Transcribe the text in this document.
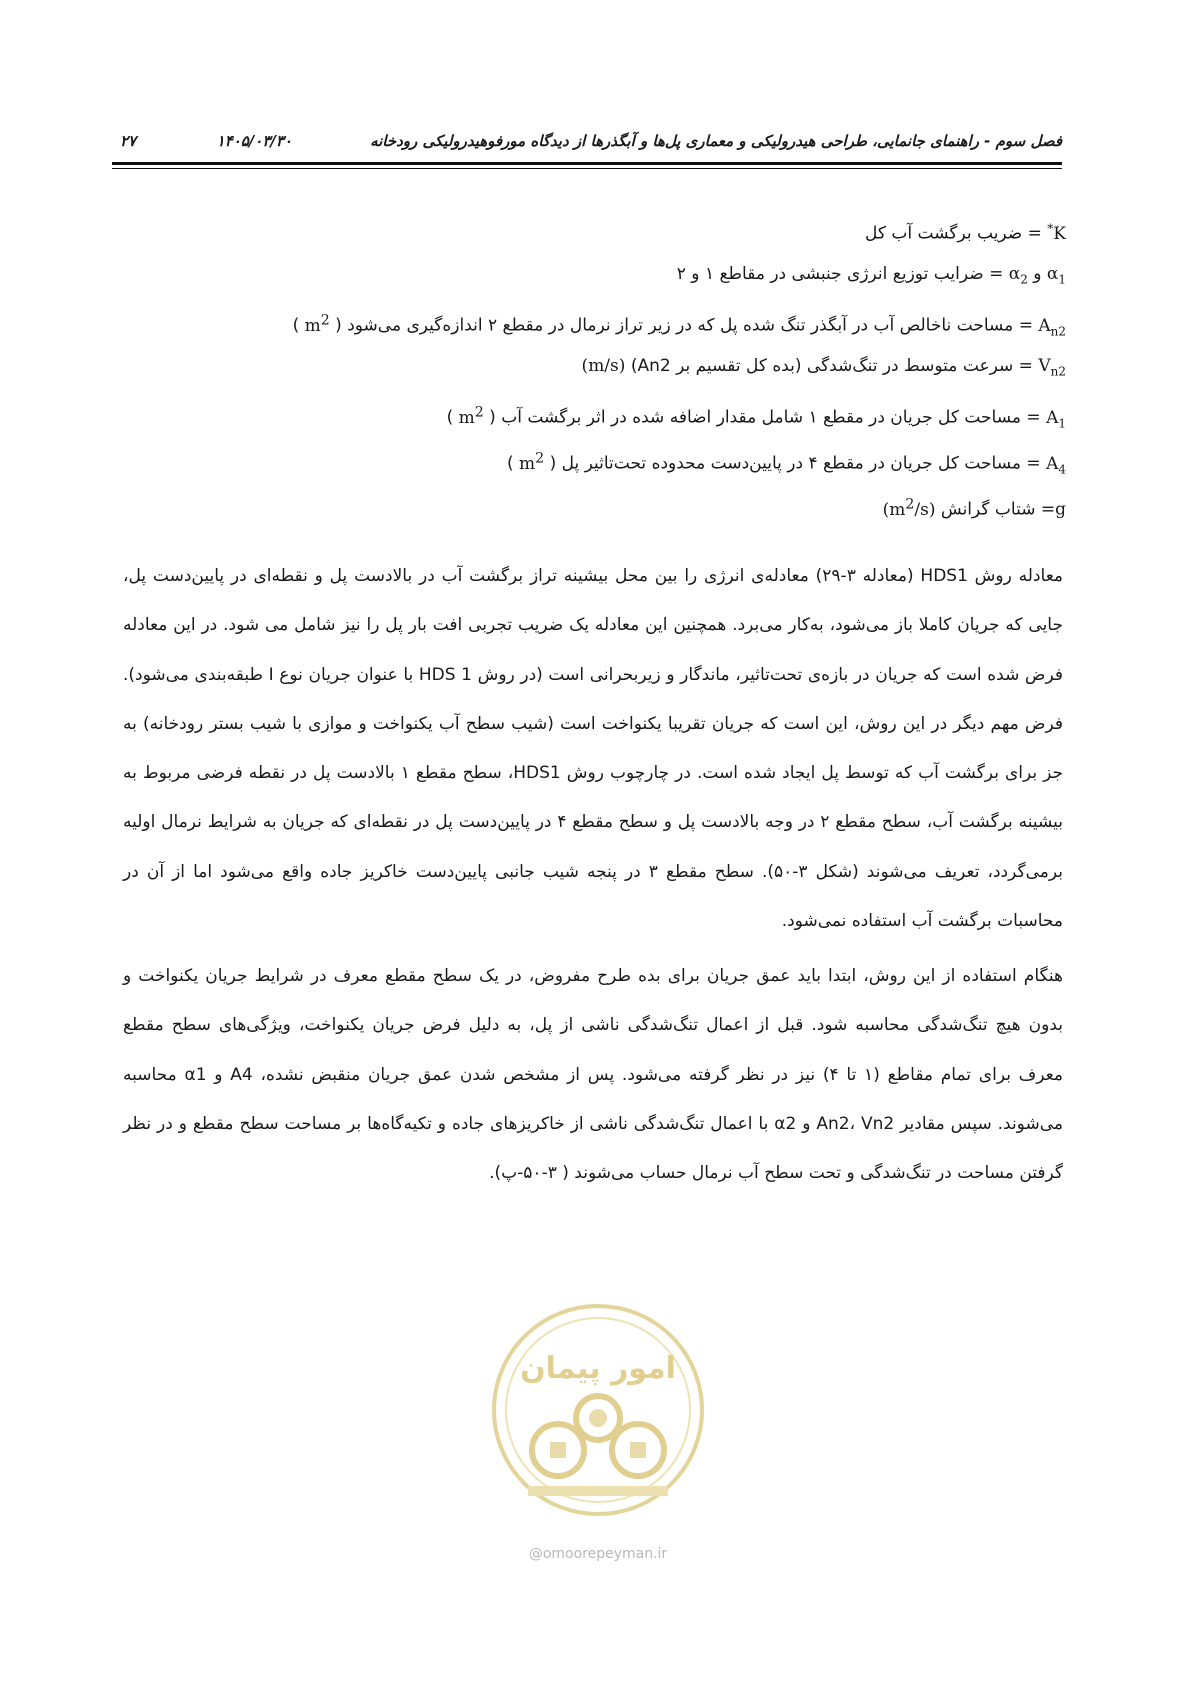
فصل سوم - راهنمای جانمایی، طراحی هیدرولیکی و معماری پل‌ها و آبگذرها از دیدگاه مورفوهیدرولیکی رودخانه
۱۴۰۵/۰۳/۳۰
۲۷
K* = ضریب برگشت آب کل
$\alpha_1$ و $\alpha_2$ = ضرایب توزیع انرژی جنبشی در مقاطع ۱ و ۲
$A_{n2}$ = مساحت ناخالص آب در آبگذر تنگ شده پل که در زیر تراز نرمال در مقطع ۲ اندازه‌گیری می‌شود ( $m^2$ )
$V_{n2}$ = سرعت متوسط در تنگ‌شدگی (بده کل تقسیم بر An2) (m/s)
$A_1$ = مساحت کل جریان در مقطع ۱ شامل مقدار اضافه شده در اثر برگشت آب ( $m^2$ )
$A_4$ = مساحت کل جریان در مقطع ۴ در پایین‌دست محدوده تحت‌تاثیر پل ( $m^2$ )
g= شتاب گرانش $(m^2/s)$

معادله روش HDS1 (معادله ۳-۲۹) معادله‌ی انرژی را بین محل بیشینه تراز برگشت آب در بالادست پل و نقطه‌ای در پایین‌دست پل، جایی که جریان کاملا باز می‌شود، به‌کار می‌برد. همچنین این معادله یک ضریب تجربی افت بار پل را نیز شامل می شود. در این معادله فرض شده است که جریان در بازه‌ی تحت‌تاثیر، ماندگار و زیربحرانی است (در روش HDS 1 با عنوان جریان نوع I طبقه‌بندی می‌شود). فرض مهم دیگر در این روش، این است که جریان تقریبا یکنواخت است (شیب سطح آب یکنواخت و موازی با شیب بستر رودخانه) به جز برای برگشت آب که توسط پل ایجاد شده است. در چارچوب روش HDS1، سطح مقطع ۱ بالادست پل در نقطه فرضی مربوط به بیشینه برگشت آب، سطح مقطع ۲ در وجه بالادست پل و سطح مقطع ۴ در پایین‌دست پل در نقطه‌ای که جریان به شرایط نرمال اولیه برمی‌گردد، تعریف می‌شوند (شکل ۳-۵۰). سطح مقطع ۳ در پنجه شیب جانبی پایین‌دست خاکریز جاده واقع می‌شود اما از آن در محاسبات برگشت آب استفاده نمی‌شود.

هنگام استفاده از این روش، ابتدا باید عمق جریان برای بده طرح مفروض، در یک سطح مقطع معرف در شرایط جریان یکنواخت و بدون هیچ تنگ‌شدگی محاسبه شود. قبل از اعمال تنگ‌شدگی ناشی از پل، به دلیل فرض جریان یکنواخت، ویژگی‌های سطح مقطع معرف برای تمام مقاطع (۱ تا ۴) نیز در نظر گرفته می‌شود. پس از مشخص شدن عمق جریان منقبض نشده، A4 و α1 محاسبه می‌شوند. سپس مقادیر An2، Vn2 و α2 با اعمال تنگ‌شدگی ناشی از خاکریزهای جاده و تکیه‌گاه‌ها بر مساحت سطح مقطع و در نظر گرفتن مساحت در تنگ‌شدگی و تحت سطح آب نرمال حساب می‌شوند ( ۳-۵۰-پ).

امور پیمان
@omoorepeyman.ir
